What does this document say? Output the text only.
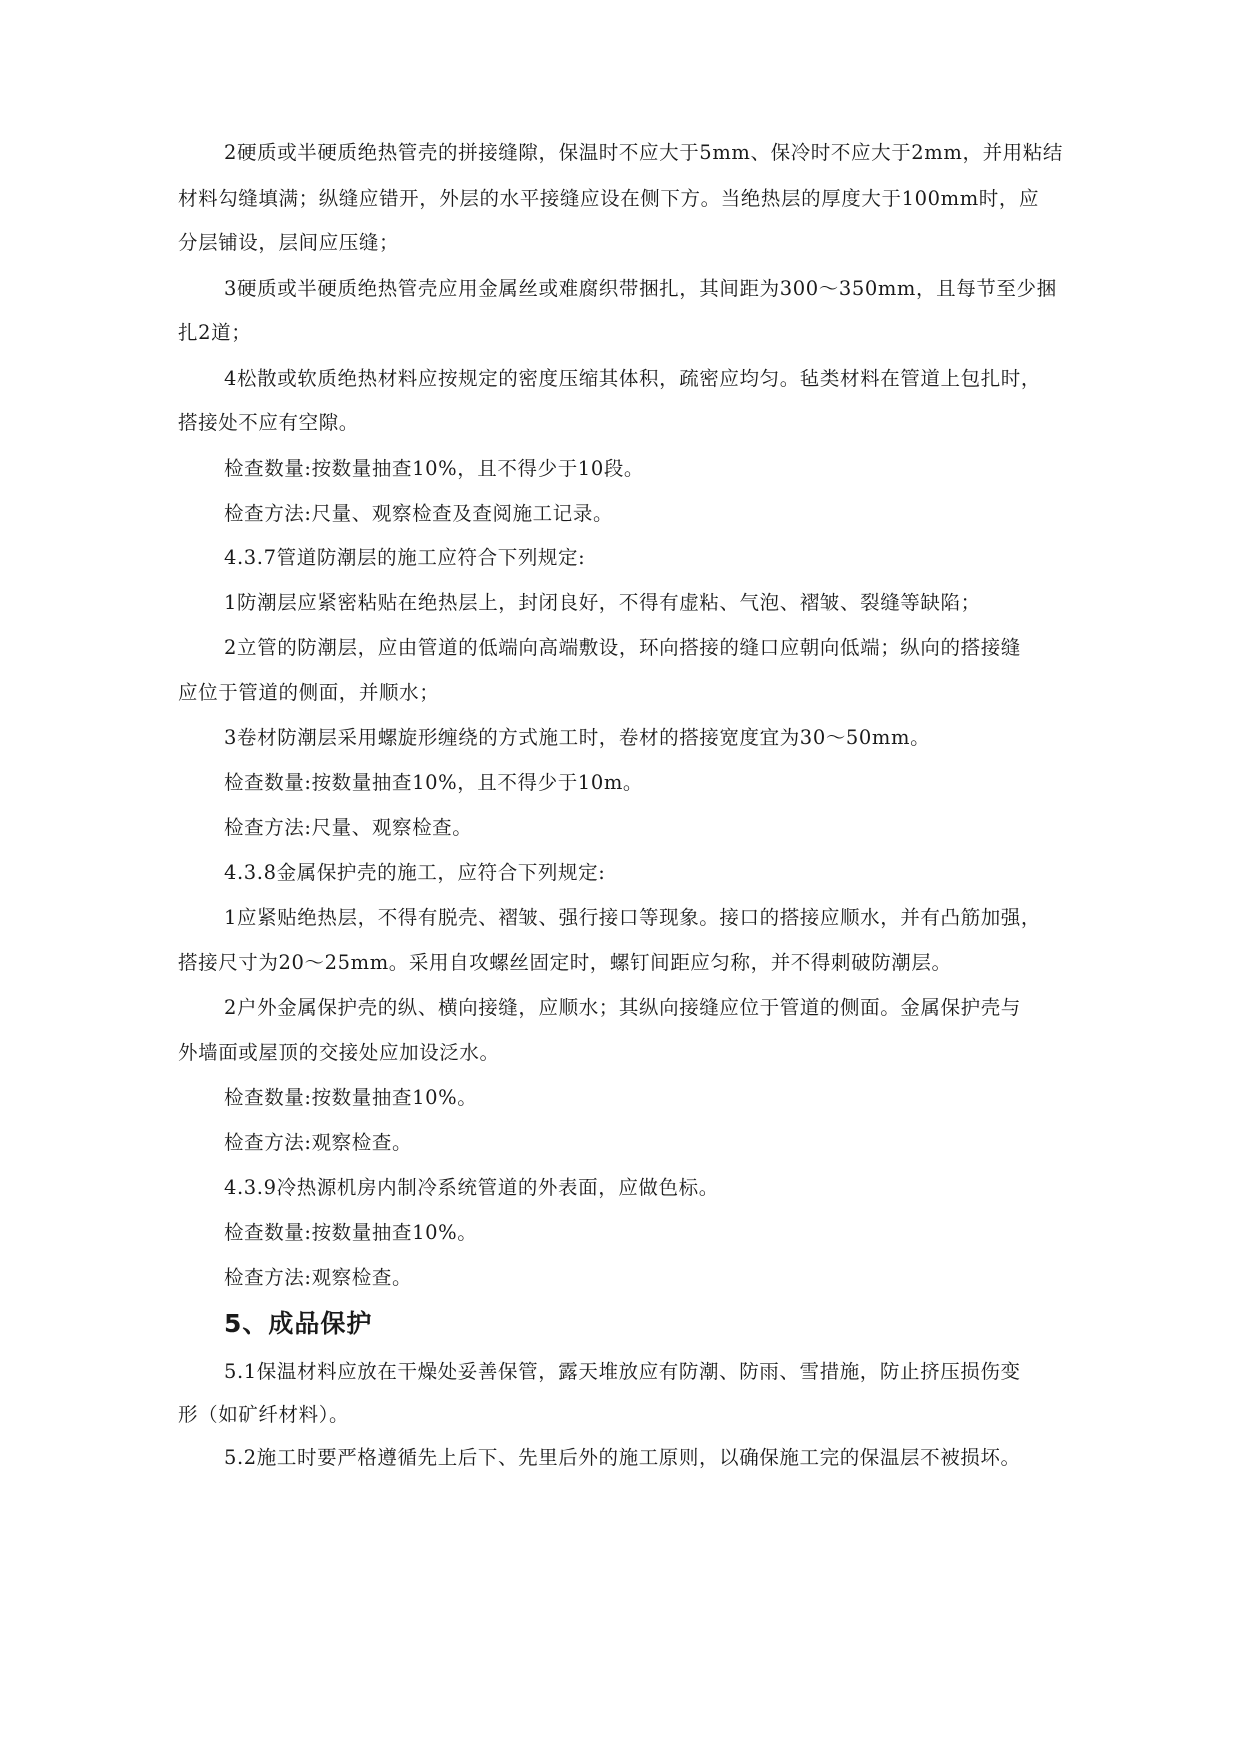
2硬质或半硬质绝热管壳的拼接缝隙，保温时不应大于5mm、保冷时不应大于2mm，并用粘结
材料勾缝填满；纵缝应错开，外层的水平接缝应设在侧下方。当绝热层的厚度大于100mm时，应
分层铺设，层间应压缝；
3硬质或半硬质绝热管壳应用金属丝或难腐织带捆扎，其间距为300～350mm，且每节至少捆
扎2道；
4松散或软质绝热材料应按规定的密度压缩其体积，疏密应均匀。毡类材料在管道上包扎时，
搭接处不应有空隙。
检查数量:按数量抽查10%，且不得少于10段。
检查方法:尺量、观察检查及查阅施工记录。
4.3.7管道防潮层的施工应符合下列规定:
1防潮层应紧密粘贴在绝热层上，封闭良好，不得有虚粘、气泡、褶皱、裂缝等缺陷；
2立管的防潮层，应由管道的低端向高端敷设，环向搭接的缝口应朝向低端；纵向的搭接缝
应位于管道的侧面，并顺水；
3卷材防潮层采用螺旋形缠绕的方式施工时，卷材的搭接宽度宜为30～50mm。
检查数量:按数量抽查10%，且不得少于10m。
检查方法:尺量、观察检查。
4.3.8金属保护壳的施工，应符合下列规定:
1应紧贴绝热层，不得有脱壳、褶皱、强行接口等现象。接口的搭接应顺水，并有凸筋加强，
搭接尺寸为20～25mm。采用自攻螺丝固定时，螺钉间距应匀称，并不得刺破防潮层。
2户外金属保护壳的纵、横向接缝，应顺水；其纵向接缝应位于管道的侧面。金属保护壳与
外墙面或屋顶的交接处应加设泛水。
检查数量:按数量抽查10%。
检查方法:观察检查。
4.3.9冷热源机房内制冷系统管道的外表面，应做色标。
检查数量:按数量抽查10%。
检查方法:观察检查。
5、成品保护
5.1保温材料应放在干燥处妥善保管，露天堆放应有防潮、防雨、雪措施，防止挤压损伤变
形（如矿纤材料）。
5.2施工时要严格遵循先上后下、先里后外的施工原则，以确保施工完的保温层不被损坏。
